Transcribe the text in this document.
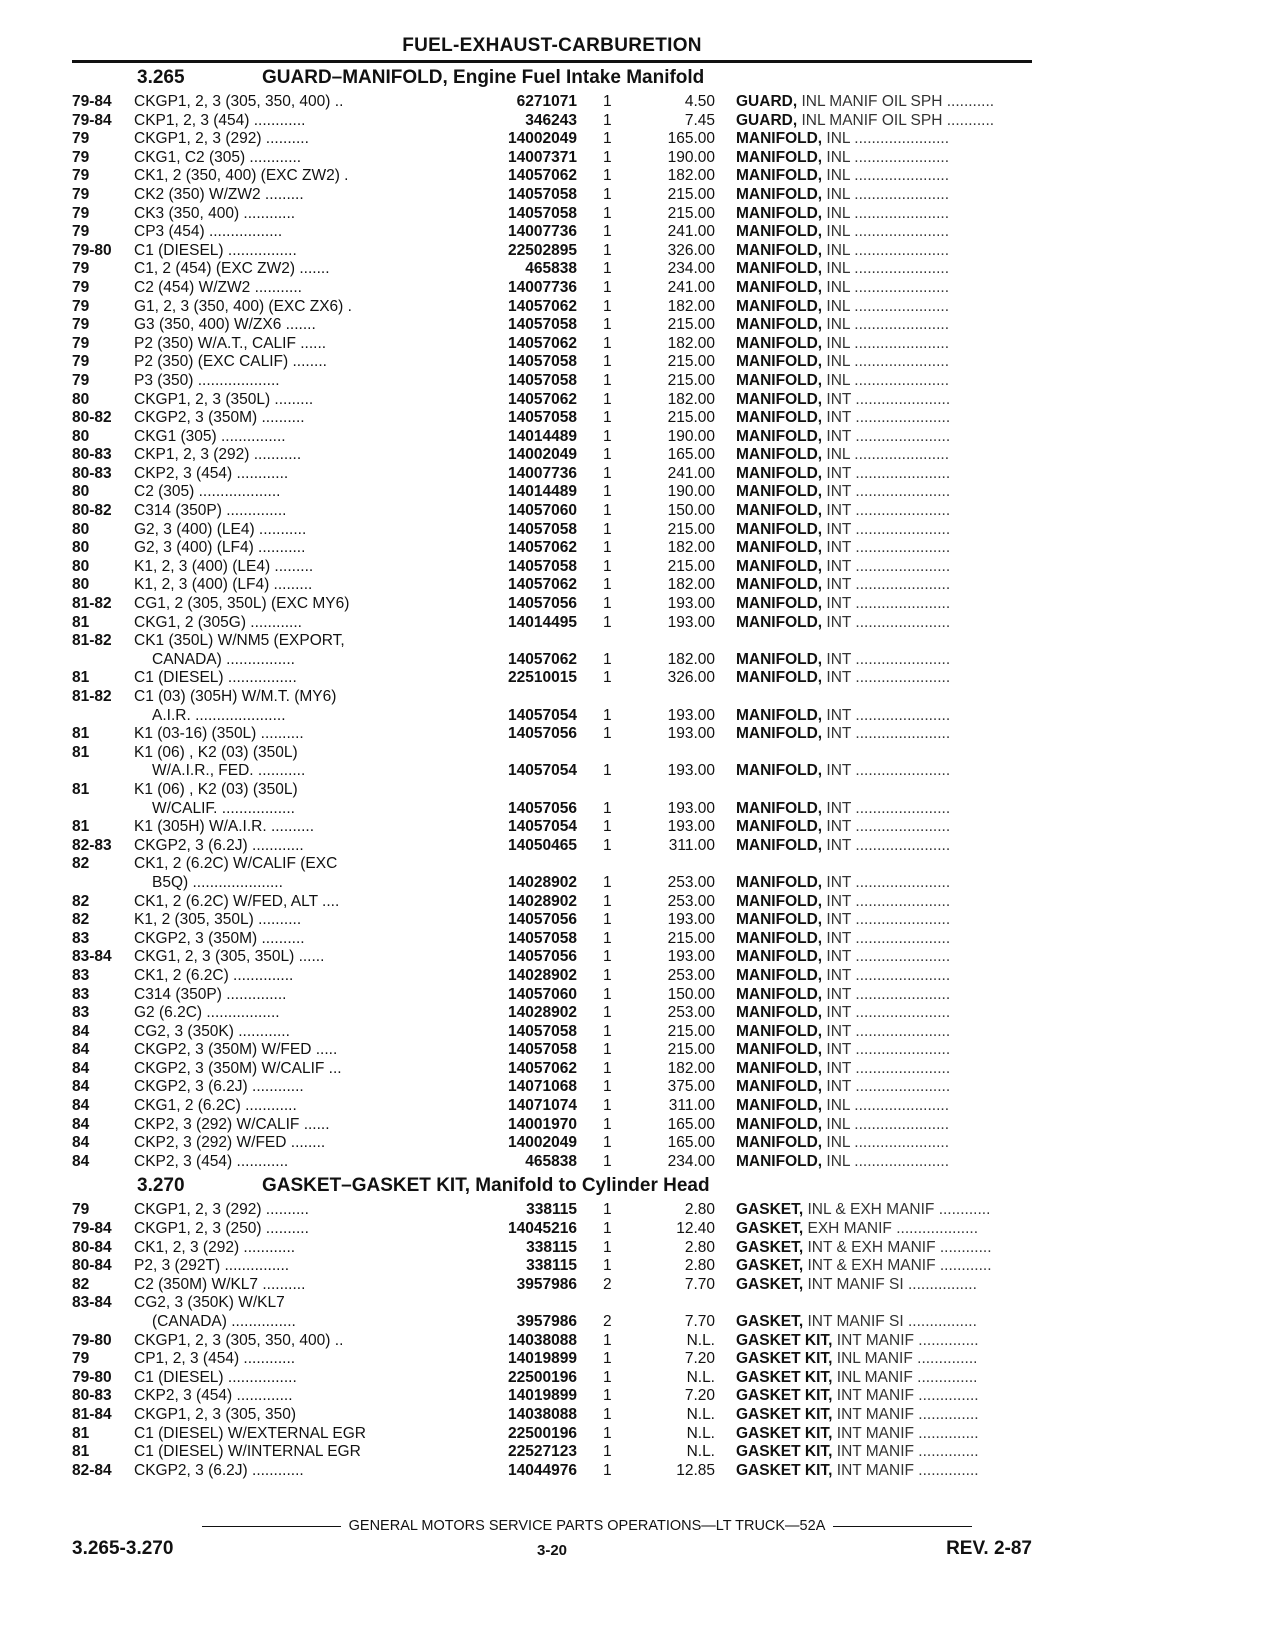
FUEL-EXHAUST-CARBURETION
3.265	GUARD–MANIFOLD, Engine Fuel Intake Manifold
79-84	CKGP1, 2, 3 (305, 350, 400) ..	6271071 1	4.50 GUARD, INL MANIF OIL SPH ...........
79-84	CKP1, 2, 3 (454) ............	346243 1	7.45 GUARD, INL MANIF OIL SPH ...........
79	CKGP1, 2, 3 (292) ..........	14002049 1	165.00 MANIFOLD, INL ......................
79	CKG1, C2 (305) ............	14007371 1	190.00 MANIFOLD, INL ......................
79	CK1, 2 (350, 400) (EXC ZW2) .	14057062 1	182.00 MANIFOLD, INL ......................
79	CK2 (350) W/ZW2 .........	14057058 1	215.00 MANIFOLD, INL ......................
79	CK3 (350, 400) ............	14057058 1	215.00 MANIFOLD, INL ......................
79	CP3 (454) .................	14007736 1	241.00 MANIFOLD, INL ......................
79-80	C1 (DIESEL) ................	22502895 1	326.00 MANIFOLD, INL ......................
79	C1, 2 (454) (EXC ZW2) .......	465838 1	234.00 MANIFOLD, INL ......................
79	C2 (454) W/ZW2 ...........	14007736 1	241.00 MANIFOLD, INL ......................
79	G1, 2, 3 (350, 400) (EXC ZX6) .	14057062 1	182.00 MANIFOLD, INL ......................
79	G3 (350, 400) W/ZX6 .......	14057058 1	215.00 MANIFOLD, INL ......................
79	P2 (350) W/A.T., CALIF ......	14057062 1	182.00 MANIFOLD, INL ......................
79	P2 (350) (EXC CALIF) ........	14057058 1	215.00 MANIFOLD, INL ......................
79	P3 (350) ...................	14057058 1	215.00 MANIFOLD, INL ......................
80	CKGP1, 2, 3 (350L) .........	14057062 1	182.00 MANIFOLD, INT ......................
80-82	CKGP2, 3 (350M) ..........	14057058 1	215.00 MANIFOLD, INT ......................
80	CKG1 (305) ...............	14014489 1	190.00 MANIFOLD, INT ......................
80-83	CKP1, 2, 3 (292) ...........	14002049 1	165.00 MANIFOLD, INL ......................
80-83	CKP2, 3 (454) ............	14007736 1	241.00 MANIFOLD, INT ......................
80	C2 (305) ...................	14014489 1	190.00 MANIFOLD, INT ......................
80-82	C314 (350P) ..............	14057060 1	150.00 MANIFOLD, INT ......................
80	G2, 3 (400) (LE4) ...........	14057058 1	215.00 MANIFOLD, INT ......................
80	G2, 3 (400) (LF4) ...........	14057062 1	182.00 MANIFOLD, INT ......................
80	K1, 2, 3 (400) (LE4) .........	14057058 1	215.00 MANIFOLD, INT ......................
80	K1, 2, 3 (400) (LF4) .........	14057062 1	182.00 MANIFOLD, INT ......................
81-82	CG1, 2 (305, 350L) (EXC MY6)	14057056 1	193.00 MANIFOLD, INT ......................
81	CKG1, 2 (305G) ............	14014495 1	193.00 MANIFOLD, INT ......................
81-82	CK1 (350L) W/NM5 (EXPORT,
CANADA) ................	14057062 1	182.00 MANIFOLD, INT ......................
81	C1 (DIESEL) ................	22510015 1	326.00 MANIFOLD, INT ......................
81-82	C1 (03) (305H) W/M.T. (MY6)
A.I.R. .....................	14057054 1	193.00 MANIFOLD, INT ......................
81	K1 (03-16) (350L) ..........	14057056 1	193.00 MANIFOLD, INT ......................
81	K1 (06) , K2 (03) (350L)
W/A.I.R., FED. ...........	14057054 1	193.00 MANIFOLD, INT ......................
81	K1 (06) , K2 (03) (350L)
W/CALIF. .................	14057056 1	193.00 MANIFOLD, INT ......................
81	K1 (305H) W/A.I.R. ..........	14057054 1	193.00 MANIFOLD, INT ......................
82-83	CKGP2, 3 (6.2J) ............	14050465 1	311.00 MANIFOLD, INT ......................
82	CK1, 2 (6.2C) W/CALIF (EXC
B5Q) .....................	14028902 1	253.00 MANIFOLD, INT ......................
82	CK1, 2 (6.2C) W/FED, ALT ....	14028902 1	253.00 MANIFOLD, INT ......................
82	K1, 2 (305, 350L) ..........	14057056 1	193.00 MANIFOLD, INT ......................
83	CKGP2, 3 (350M) ..........	14057058 1	215.00 MANIFOLD, INT ......................
83-84	CKG1, 2, 3 (305, 350L) ......	14057056 1	193.00 MANIFOLD, INT ......................
83	CK1, 2 (6.2C) ..............	14028902 1	253.00 MANIFOLD, INT ......................
83	C314 (350P) ..............	14057060 1	150.00 MANIFOLD, INT ......................
83	G2 (6.2C) .................	14028902 1	253.00 MANIFOLD, INT ......................
84	CG2, 3 (350K) ............	14057058 1	215.00 MANIFOLD, INT ......................
84	CKGP2, 3 (350M) W/FED .....	14057058 1	215.00 MANIFOLD, INT ......................
84	CKGP2, 3 (350M) W/CALIF ...	14057062 1	182.00 MANIFOLD, INT ......................
84	CKGP2, 3 (6.2J) ............	14071068 1	375.00 MANIFOLD, INT ......................
84	CKG1, 2 (6.2C) ............	14071074 1	311.00 MANIFOLD, INL ......................
84	CKP2, 3 (292) W/CALIF ......	14001970 1	165.00 MANIFOLD, INL ......................
84	CKP2, 3 (292) W/FED ........	14002049 1	165.00 MANIFOLD, INL ......................
84	CKP2, 3 (454) ............	465838 1	234.00 MANIFOLD, INL ......................
3.270	GASKET–GASKET KIT, Manifold to Cylinder Head
79	CKGP1, 2, 3 (292) ..........	338115 1	2.80 GASKET, INL & EXH MANIF ............
79-84	CKGP1, 2, 3 (250) ..........	14045216 1	12.40 GASKET, EXH MANIF ...................
80-84	CK1, 2, 3 (292) ............	338115 1	2.80 GASKET, INT & EXH MANIF ............
80-84	P2, 3 (292T) ...............	338115 1	2.80 GASKET, INT & EXH MANIF ............
82	C2 (350M) W/KL7 ..........	3957986 2	7.70 GASKET, INT MANIF SI ................
83-84	CG2, 3 (350K) W/KL7
(CANADA) ...............	3957986 2	7.70 GASKET, INT MANIF SI ................
79-80	CKGP1, 2, 3 (305, 350, 400) ..	14038088 1	N.L. GASKET KIT, INT MANIF ..............
79	CP1, 2, 3 (454) ............	14019899 1	7.20 GASKET KIT, INL MANIF ..............
79-80	C1 (DIESEL) ................	22500196 1	N.L. GASKET KIT, INL MANIF ..............
80-83	CKP2, 3 (454) .............	14019899 1	7.20 GASKET KIT, INT MANIF ..............
81-84	CKGP1, 2, 3 (305, 350)	14038088 1	N.L. GASKET KIT, INT MANIF ..............
81	C1 (DIESEL) W/EXTERNAL EGR	22500196 1	N.L. GASKET KIT, INT MANIF ..............
81	C1 (DIESEL) W/INTERNAL EGR	22527123 1	N.L. GASKET KIT, INT MANIF ..............
82-84	CKGP2, 3 (6.2J) ............	14044976 1	12.85 GASKET KIT, INT MANIF ..............
GENERAL MOTORS SERVICE PARTS OPERATIONS—LT TRUCK—52A
3.265-3.270	3-20	REV. 2-87
